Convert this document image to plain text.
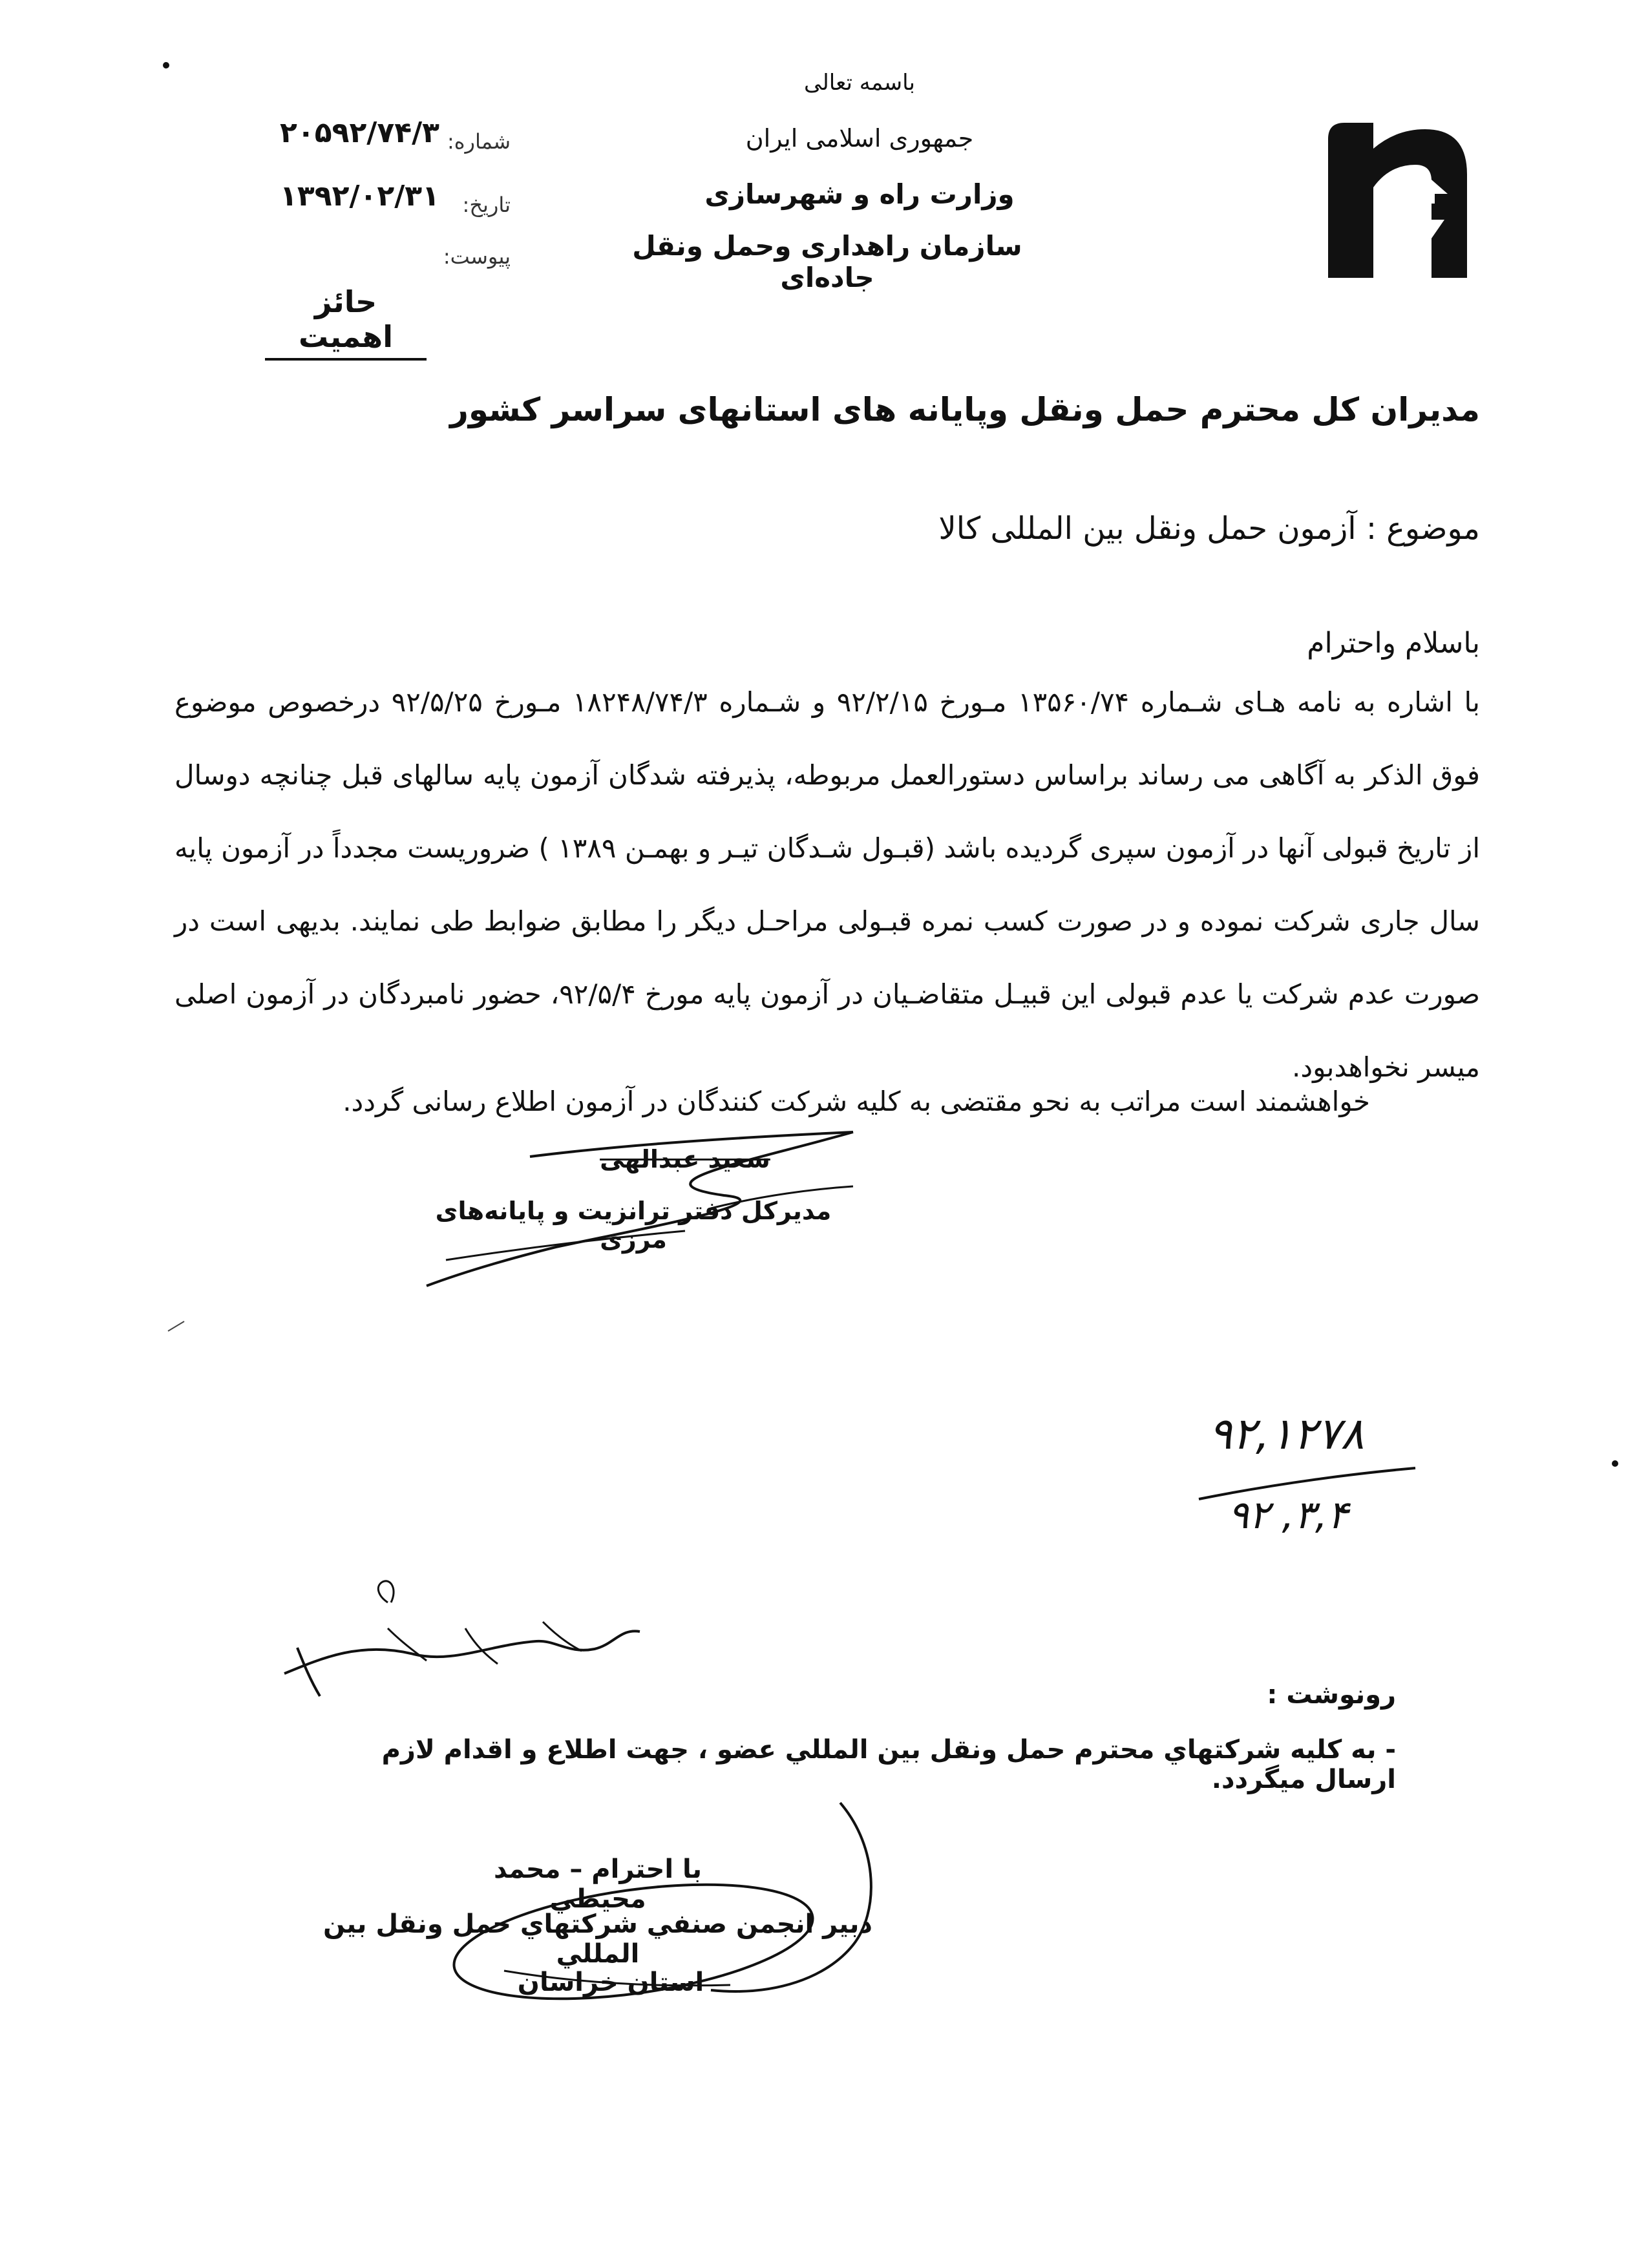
باسمه تعالی
جمهوری اسلامی ایران
وزارت راه و شهرسازی
سازمان راهداری وحمل ونقل جاده‌ای
شماره:
۲۰۵۹۲/۷۴/۳
تاریخ:
۱۳۹۲/۰۲/۳۱
پیوست:
حائز اهمیت
مدیران کل محترم حمل ونقل وپایانه های استانهای سراسر کشور
موضوع : آزمون حمل ونقل بین المللی کالا
باسلام واحترام
با اشاره به نامه هـای شـماره ۱۳۵۶۰/۷۴ مـورخ ۹۲/۲/۱۵ و شـماره ۱۸۲۴۸/۷۴/۳ مـورخ ۹۲/۵/۲۵ درخصوص موضوع فوق الذکر به آگاهی می رساند براساس دستورالعمل مربوطه، پذیرفته شدگان آزمون پایه سالهای قبل چنانچه دوسال از تاریخ قبولی آنها در آزمون سپری گردیده باشد (قبـول شـدگان تیـر و بهمـن ۱۳۸۹ ) ضروریست مجدداً در آزمون پایه سال جاری شرکت نموده و در صورت کسب نمره قبـولی مراحـل دیگر را مطابق ضوابط طی نمایند. بدیهی است در صورت عدم شرکت یا عدم قبولی این قبیـل متقاضـیان در آزمون پایه مورخ ۹۲/۵/۴، حضور نامبردگان در آزمون اصلی میسر نخواهدبود.
خواهشمند است مراتب به نحو مقتضی به کلیه شرکت کنندگان در آزمون اطلاع رسانی گردد.
سعید عبدالهی
مدیرکل دفتر ترانزیت و پایانه‌های مرزی
۹۲,۱۲۷۸
۹۲ ,۳,۴
رونوشت :
- به کلیه شرکتهاي محترم حمل ونقل بین المللي عضو ، جهت اطلاع و اقدام لازم ارسال میگردد.
با احترام – محمد محیطي
دبیر انجمن صنفي شرکتهاي حمل ونقل بین المللي
استان خراسان
